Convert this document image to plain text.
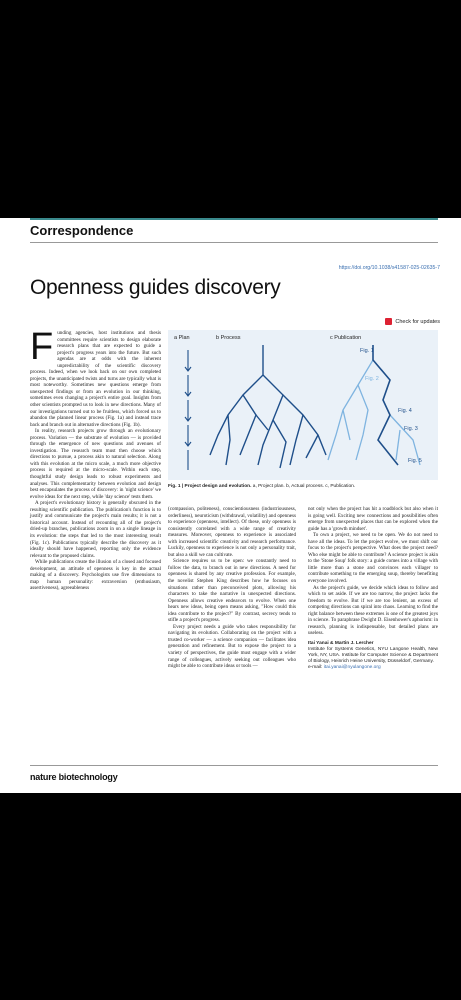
Correspondence
https://doi.org/10.1038/s41587-025-02635-7
Openness guides discovery
Check for updates
F unding agencies, host institutions and thesis committees require scientists to design elaborate research plans that are expected to guide a project's progress years into the future. But such agendas are at odds with the inherent unpredictability of the scientific discovery process. Indeed, when we look back on our own completed projects, the unanticipated twists and turns are typically what is most noteworthy. Sometimes new questions emerge from unexpected findings or from an evolution in our thinking, sometimes even changing a project's entire goal. Insights from other scientists prompted us to look in new directions. Many of our investigations turned out to be fruitless, which forced us to abandon the planned linear process (Fig. 1a) and instead trace back and branch out in alternative directions (Fig. 1b).

In reality, research projects grow through an evolutionary process. Variation — the substrate of evolution — is provided through the emergence of new questions and avenues of investigation. The research team must then choose which directions to pursue, a process akin to natural selection. Along with this evolution at the micro scale, a much more objective process is required at the micro-scale. Within each step, thoughtful study design leads to robust experiments and analyses. This complementarity between evolution and design best encapsulates the process of discovery: in 'night science' we evolve ideas for the next step, while 'day science' tests them.

A project's evolutionary history is generally obscured in the resulting scientific publication. The publication's function is to justify and communicate the project's main results; it is not a historical account. Instead of recounting all of the project's dried-up branches, publications zoom in on a single lineage in its evolution: the steps that led to the most interesting result (Fig. 1c). Publications typically describe the discovery as it ideally should have happened, reporting only the evidence relevant to the proposed claims.

While publications create the illusion of a closed and focused development, an attitude of openness is key in the actual making of a discovery. Psychologists use five dimensions to map human personality: extraversion (enthusiasm, assertiveness), agreeableness

a Plan	b Process	c Publication
Fig. 1
Fig. 2
Fig. 4
Fig. 3
Fig. 5
Fig. 1 | Project design and evolution. a, Project plan. b, Actual process. c, Publication.

(compassion, politeness), conscientiousness (industriousness, orderliness), neuroticism (withdrawal, volatility) and openness to experience (openness, intellect). Of these, only openness is consistently correlated with a wide range of creativity measures. Moreover, openness to experience is associated with increased scientific creativity and research performance. Luckily, openness to experience is not only a personality trait, but also a skill we can cultivate.

Science requires us to be open: we constantly need to follow the data, to branch out in new directions. A need for openness is shared by any creative profession. For example, the novelist Stephen King describes how he focuses on situations rather than preconceived plots, allowing his characters to take the narrative in unexpected directions. Openness allows creative endeavors to evolve. When one hears new ideas, being open means asking, "How could this idea contribute to the project?" By contrast, secrecy tends to stifle a project's progress.

Every project needs a guide who takes responsibility for navigating its evolution. Collaborating on the project with a trusted co-worker — a science companion — facilitates idea generation and refinement. But to expose the project to a variety of perspectives, the guide must engage with a wider range of colleagues, actively seeking out colleagues who might be able to contribute ideas or tools —

not only when the project has hit a roadblock but also when it is going well. Exciting new connections and possibilities often emerge from unexpected places that can be explored when the guide has a 'growth mindset'.

To own a project, we need to be open. We do not need to have all the ideas. To let the project evolve, we must shift our focus to the project's perspective. What does the project need? Who else might be able to contribute? A science project is akin to the 'Stone Soup' folk story: a guide comes into a village with little more than a stone and convinces each villager to contribute something to the emerging soup, thereby benefiting everyone involved.

As the project's guide, we decide which ideas to follow and which to set aside. If we are too narrow, the project lacks the freedom to evolve. But if we are too lenient, an excess of competing directions can spiral into chaos. Learning to find the right balance between these extremes is one of the greatest joys in science. To paraphrase Dwight D. Eisenhower's aphorism: in research, planning is indispensable, but detailed plans are useless.

Itai Yanai & Martin J. Lercher
Institute for Systems Genetics, NYU Langone Health, New York, NY, USA. Institute for Computer Science & Department of Biology, Heinrich Heine University, Düsseldorf, Germany.
e-mail: itai.yanai@nyulangone.org
nature biotechnology
